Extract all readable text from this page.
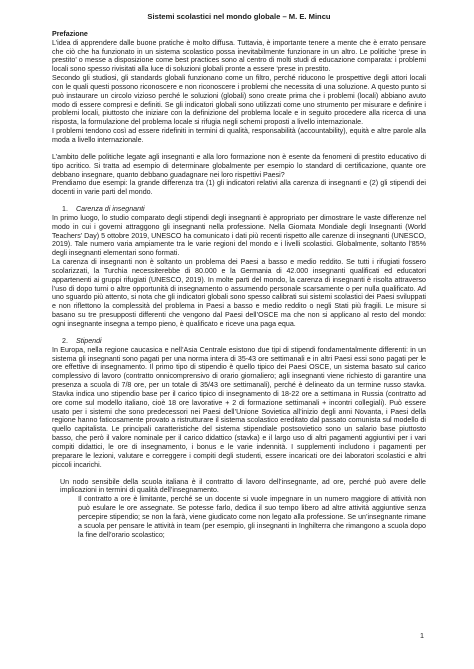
Sistemi scolastici nel mondo globale – M. E. Mincu
Prefazione

L’idea di apprendere dalle buone pratiche è molto diffusa. Tuttavia, è importante tenere a mente che è errato pensare che ciò che ha funzionato in un sistema scolastico possa inevitabilmente funzionare in un altro. Le politiche ‘prese in prestito’ o messe a disposizione come best practices sono al centro di molti studi di educazione comparata: i problemi locali sono spesso rivisitati alla luce di soluzioni globali pronte a essere ‘prese in prestito.

Secondo gli studiosi, gli standards globali funzionano come un filtro, perché riducono le prospettive degli attori locali con le quali questi possono riconoscere e non riconoscere i problemi che necessita di una soluzione. A questo punto si può instaurare un circolo vizioso perché le soluzioni (globali) sono create prima che i problemi (locali) abbiano avuto modo di essere compresi e definiti. Se gli indicatori globali sono utilizzati come uno strumento per misurare e definire i problemi locali, piuttosto che iniziare con la definizione del problema locale e in seguito procedere alla ricerca di una risposta, la formulazione del problema locale si rifugia negli schemi proposti a livello internazionale.

I problemi tendono così ad essere ridefiniti in termini di qualità, responsabilità (accountability), equità e altre parole alla moda a livello internazionale.

L’ambito delle politiche legate agli insegnanti e alla loro formazione non è esente da fenomeni di prestito educativo di tipo acritico. Si tratta ad esempio di determinare globalmente per esempio lo standard di certificazione, quante ore debbano insegnare, quanto debbano guadagnare nei loro rispettivi Paesi?

Prendiamo due esempi: la grande differenza tra (1) gli indicatori relativi alla carenza di insegnanti e (2) gli stipendi dei docenti in varie parti del mondo.

1. Carenza di insegnanti

In primo luogo, lo studio comparato degli stipendi degli insegnanti è appropriato per dimostrare le vaste differenze nel modo in cui i governi attraggono gli insegnanti nella professione. Nella Giornata Mondiale degli Insegnanti (World Teachers’ Day) 5 ottobre 2019, UNESCO ha comunicato i dati più recenti rispetto alle carenze di insegnanti (UNESCO, 2019). Tale numero varia ampiamente tra le varie regioni del mondo e i livelli scolastici. Globalmente, soltanto l’85% degli insegnanti elementari sono formati.

La carenza di insegnanti non è soltanto un problema dei Paesi a basso e medio reddito. Se tutti i rifugiati fossero scolarizzati, la Turchia necessiterebbe di 80.000 e la Germania di 42.000 insegnanti qualificati ed educatori appartenenti ai gruppi rifugiati (UNESCO, 2019). In molte parti del mondo, la carenza di insegnanti è risolta attraverso l’uso di dopo turni o altre opportunità di insegnamento o assumendo personale scarsamente o per nulla qualificato. Ad uno sguardo più attento, si nota che gli indicatori globali sono spesso calibrati sui sistemi scolastici dei Paesi sviluppati e non riflettono la complessità del problema in Paesi a basso e medio reddito o negli Stati più fragili. Le misure si basano su tre presupposti differenti che vengono dal Paesi dell’OSCE ma che non si applicano al resto del mondo: ogni insegnante insegna a tempo pieno, è qualificato e riceve una paga equa.

2. Stipendi

In Europa, nella regione caucasica e nell’Asia Centrale esistono due tipi di stipendi fondamentalmente differenti: in un sistema gli insegnanti sono pagati per una norma intera di 35-43 ore settimanali e in altri Paesi essi sono pagati per le ore effettive di insegnamento. Il primo tipo di stipendio è quello tipico dei Paesi OSCE, un sistema basato sul carico complessivo di lavoro (contratto onnicomprensivo di orario giornaliero; agli insegnanti viene richiesto di garantire una presenza a scuola di 7/8 ore, per un totale di 35/43 ore settimanali), perché è delineato da un termine russo stavka. Stavka indica uno stipendio base per il carico tipico di insegnamento di 18-22 ore a settimana in Russia (contratto ad ore come sul modello italiano, cioè 18 ore lavorative + 2 di formazione settimanali + incontri collegiali). Può essere usato per i sistemi che sono predecessori nei Paesi dell’Unione Sovietica all’inizio degli anni Novanta, i Paesi della regione hanno faticosamente provato a ristrutturare il sistema scolastico ereditato dal passato comunista sul modello di quello capitalista. Le principali caratteristiche del sistema stipendiale postsovietico sono un salario base piuttosto basso, che però il valore nominale per il carico didattico (stavka) e il largo uso di altri pagamenti aggiuntivi per i vari compiti didattici, le ore di insegnamento, i bonus e le varie indennità. I supplementi includono i pagamenti per preparare le lezioni, valutare e correggere i compiti degli studenti, essere incaricati ore dei laboratori scolastici e altri piccoli incarichi.

Un nodo sensibile della scuola italiana è il contratto di lavoro dell’insegnante, ad ore, perché può avere delle implicazioni in termini di qualità dell’insegnamento.

Il contratto a ore è limitante, perché se un docente si vuole impegnare in un numero maggiore di attività non può esulare le ore assegnate. Se potesse farlo, dedica il suo tempo libero ad altre attività aggiuntive senza percepire stipendio; se non la farà, viene giudicato come non legato alla professione. Se un’insegnante rimane a scuola per pensare le attività in team (per esempio, gli insegnanti in Inghilterra che rimangono a scuola dopo la fine dell’orario scolastico;

1
